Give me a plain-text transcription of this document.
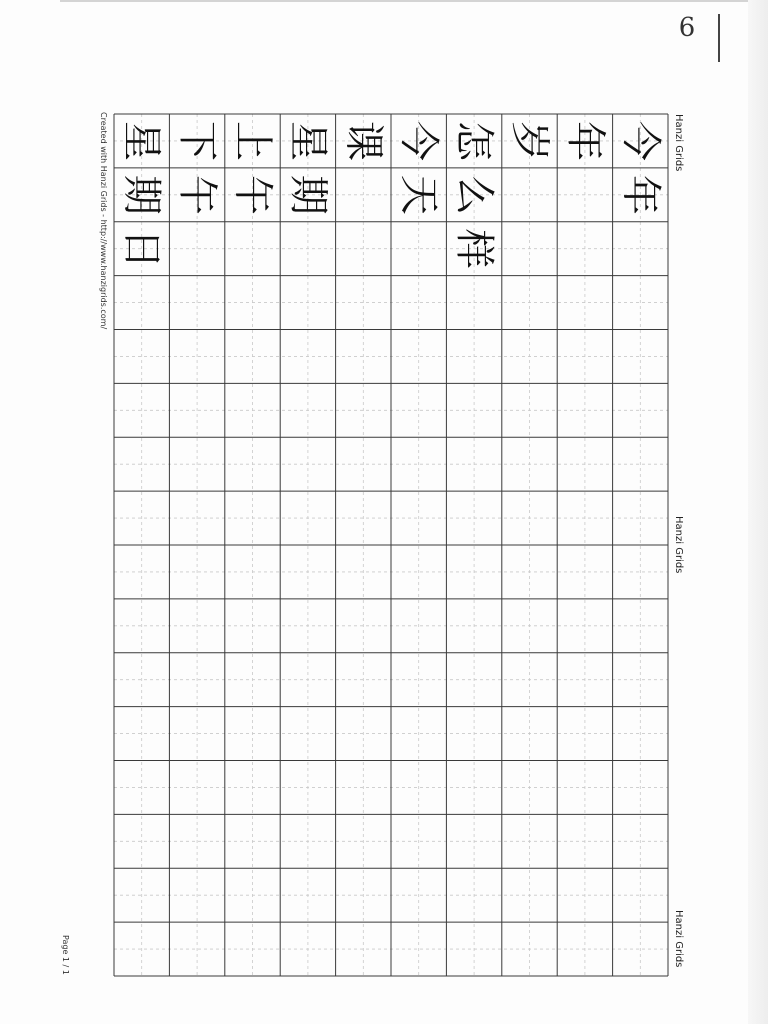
9
Hanzi Grids
Hanzi Grids
Hanzi Grids
Created with Hanzi Grids - http://www.hanzigrids.com/
Page 1 / 1
今
年
年
岁
怎
么
样
今
天
课
星
期
上
午
下
午
星
期
日
